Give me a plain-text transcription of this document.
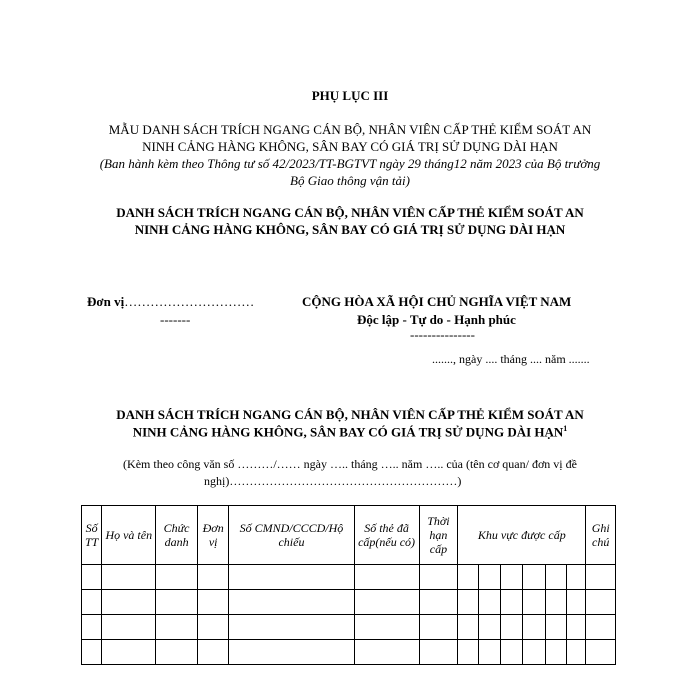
PHỤ LỤC III
MẪU DANH SÁCH TRÍCH NGANG CÁN BỘ, NHÂN VIÊN CẤP THẺ KIỂM SOÁT AN
NINH CẢNG HÀNG KHÔNG, SÂN BAY CÓ GIÁ TRỊ SỬ DỤNG DÀI HẠN
(Ban hành kèm theo Thông tư số 42/2023/TT-BGTVT ngày 29 tháng12 năm 2023 của Bộ trưởng
Bộ Giao thông vận tải)
DANH SÁCH TRÍCH NGANG CÁN BỘ, NHÂN VIÊN CẤP THẺ KIỂM SOÁT AN
NINH CẢNG HÀNG KHÔNG, SÂN BAY CÓ GIÁ TRỊ SỬ DỤNG DÀI HẠN
Đơn vị…………………………
-------
CỘNG HÒA XÃ HỘI CHỦ NGHĨA VIỆT NAM
Độc lập - Tự do - Hạnh phúc
---------------
......., ngày .... tháng .... năm .......
DANH SÁCH TRÍCH NGANG CÁN BỘ, NHÂN VIÊN CẤP THẺ KIỂM SOÁT AN
NINH CẢNG HÀNG KHÔNG, SÂN BAY CÓ GIÁ TRỊ SỬ DỤNG DÀI HẠN$^1$
(Kèm theo công văn số ………/…… ngày ….. tháng ….. năm ….. của (tên cơ quan/ đơn vị đề
nghị)…………………………………………………)
Số TT	Họ và tên	Chức danh	Đơn vị	Số CMND/CCCD/Hộ chiếu	Số thẻ đã cấp(nếu có)	Thời hạn cấp	Khu vực được cấp						Ghi chú
